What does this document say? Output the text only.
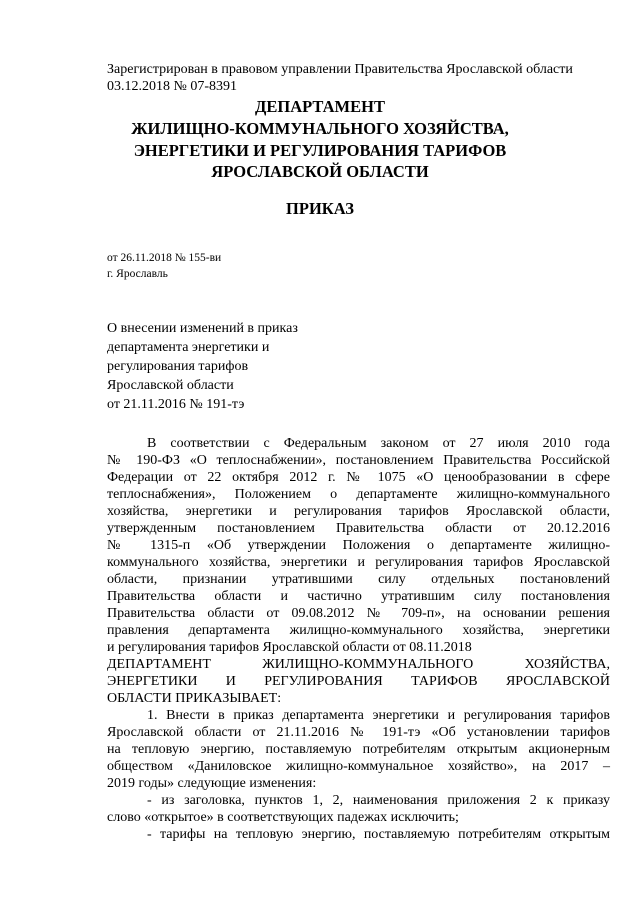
Зарегистрирован в правовом управлении Правительства Ярославской области
03.12.2018 № 07-8391
ДЕПАРТАМЕНТ
ЖИЛИЩНО-КОММУНАЛЬНОГО ХОЗЯЙСТВА,
ЭНЕРГЕТИКИ И РЕГУЛИРОВАНИЯ ТАРИФОВ
ЯРОСЛАВСКОЙ ОБЛАСТИ
ПРИКАЗ
от 26.11.2018 № 155-ви
г. Ярославль
О внесении изменений в приказ
департамента энергетики и
регулирования тарифов
Ярославской области
от 21.11.2016 № 191-тэ
В соответствии с Федеральным законом от 27 июля 2010 года
№ 190-ФЗ «О теплоснабжении», постановлением Правительства Российской
Федерации от 22 октября 2012 г. № 1075 «О ценообразовании в сфере
теплоснабжения», Положением о департаменте жилищно-коммунального
хозяйства, энергетики и регулирования тарифов Ярославской области,
утвержденным постановлением Правительства области от 20.12.2016
№ 1315-п «Об утверждении Положения о департаменте жилищно-
коммунального хозяйства, энергетики и регулирования тарифов Ярославской
области, признании утратившими силу отдельных постановлений
Правительства области и частично утратившим силу постановления
Правительства области от 09.08.2012 № 709-п», на основании решения
правления департамента жилищно-коммунального хозяйства, энергетики
и регулирования тарифов Ярославской области от 08.11.2018
ДЕПАРТАМЕНТ ЖИЛИЩНО-КОММУНАЛЬНОГО ХОЗЯЙСТВА,
ЭНЕРГЕТИКИ И РЕГУЛИРОВАНИЯ ТАРИФОВ ЯРОСЛАВСКОЙ
ОБЛАСТИ ПРИКАЗЫВАЕТ:
1. Внести в приказ департамента энергетики и регулирования тарифов
Ярославской области от 21.11.2016 № 191-тэ «Об установлении тарифов
на тепловую энергию, поставляемую потребителям открытым акционерным
обществом «Даниловское жилищно-коммунальное хозяйство», на 2017 –
2019 годы» следующие изменения:
- из заголовка, пунктов 1, 2, наименования приложения 2 к приказу
слово «открытое» в соответствующих падежах исключить;
- тарифы на тепловую энергию, поставляемую потребителям открытым
